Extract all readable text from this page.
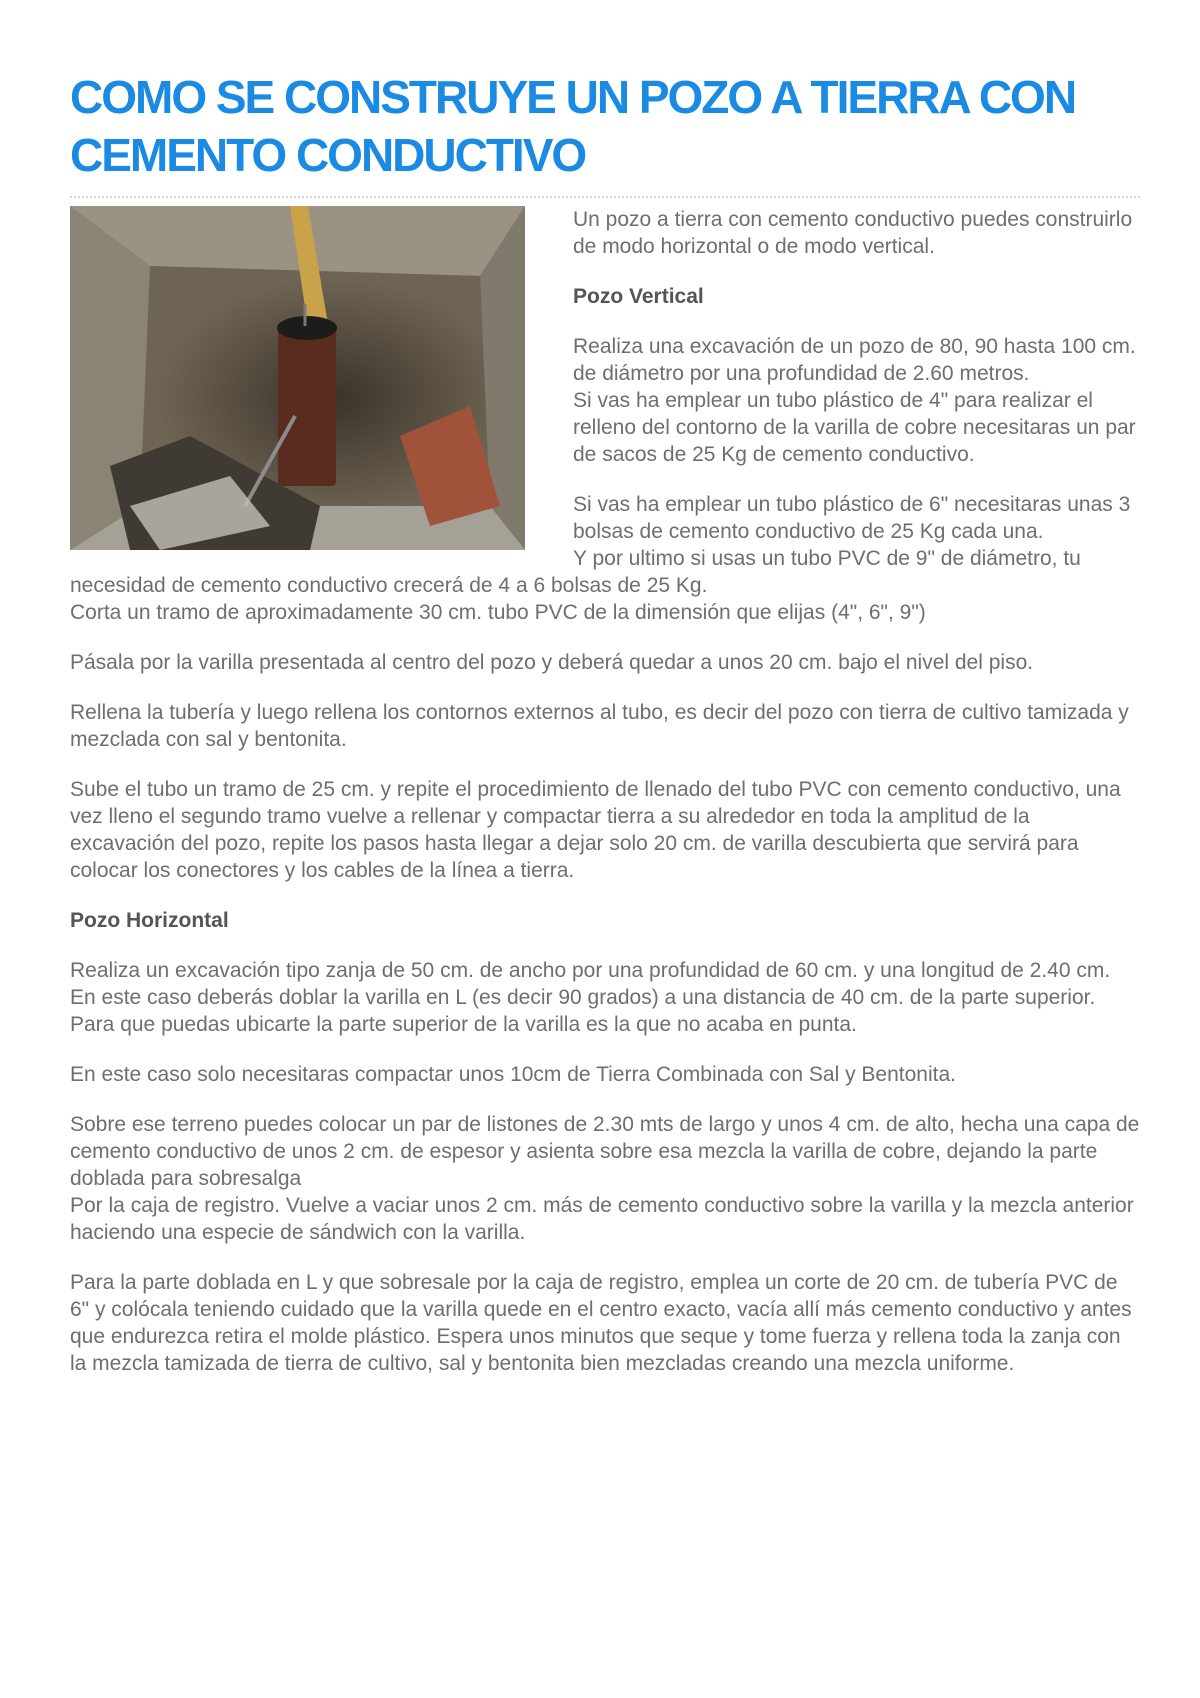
COMO SE CONSTRUYE UN POZO A TIERRA CON CEMENTO CONDUCTIVO

Un pozo a tierra con cemento conductivo puedes construirlo de modo horizontal o de modo vertical.

Pozo Vertical

Realiza una excavación de un pozo de 80, 90 hasta 100 cm. de diámetro por una profundidad de 2.60 metros.
Si vas ha emplear un tubo plástico de 4" para realizar el relleno del contorno de la varilla de cobre necesitaras un par de sacos de 25 Kg de cemento conductivo.

Si vas ha emplear un tubo plástico de 6" necesitaras unas 3 bolsas de cemento conductivo de 25 Kg cada una.
Y por ultimo si usas un tubo PVC de 9" de diámetro, tu necesidad de cemento conductivo crecerá de 4 a 6 bolsas de 25 Kg.
Corta un tramo de aproximadamente 30 cm. tubo PVC de la dimensión que elijas (4", 6", 9")

Pásala por la varilla presentada al centro del pozo y deberá quedar a unos 20 cm. bajo el nivel del piso.

Rellena la tubería y luego rellena los contornos externos al tubo, es decir del pozo con tierra de cultivo tamizada y mezclada con sal y bentonita.

Sube el tubo un tramo de 25 cm. y repite el procedimiento de llenado del tubo PVC con cemento conductivo, una vez lleno el segundo tramo vuelve a rellenar y compactar tierra a su alrededor en toda la amplitud de la excavación del pozo, repite los pasos hasta llegar a dejar solo 20 cm. de varilla descubierta que servirá para colocar los conectores y los cables de la línea a tierra.

Pozo Horizontal

Realiza un excavación tipo zanja de 50 cm. de ancho por una profundidad de 60 cm. y una longitud de 2.40 cm.
En este caso deberás doblar la varilla en L (es decir 90 grados) a una distancia de 40 cm. de la parte superior.
Para que puedas ubicarte la parte superior de la varilla es la que no acaba en punta.

En este caso solo necesitaras compactar unos 10cm de Tierra Combinada con Sal y Bentonita.

Sobre ese terreno puedes colocar un par de listones de 2.30 mts de largo y unos 4 cm. de alto, hecha una capa de cemento conductivo de unos 2 cm. de espesor y asienta sobre esa mezcla la varilla de cobre, dejando la parte doblada para sobresalga
Por la caja de registro. Vuelve a vaciar unos 2 cm. más de cemento conductivo sobre la varilla y la mezcla anterior haciendo una especie de sándwich con la varilla.

Para la parte doblada en L y que sobresale por la caja de registro, emplea un corte de 20 cm. de tubería PVC de 6" y colócala teniendo cuidado que la varilla quede en el centro exacto, vacía allí más cemento conductivo y antes que endurezca retira el molde plástico. Espera unos minutos que seque y tome fuerza y rellena toda la zanja con la mezcla tamizada de tierra de cultivo, sal y bentonita bien mezcladas creando una mezcla uniforme.
